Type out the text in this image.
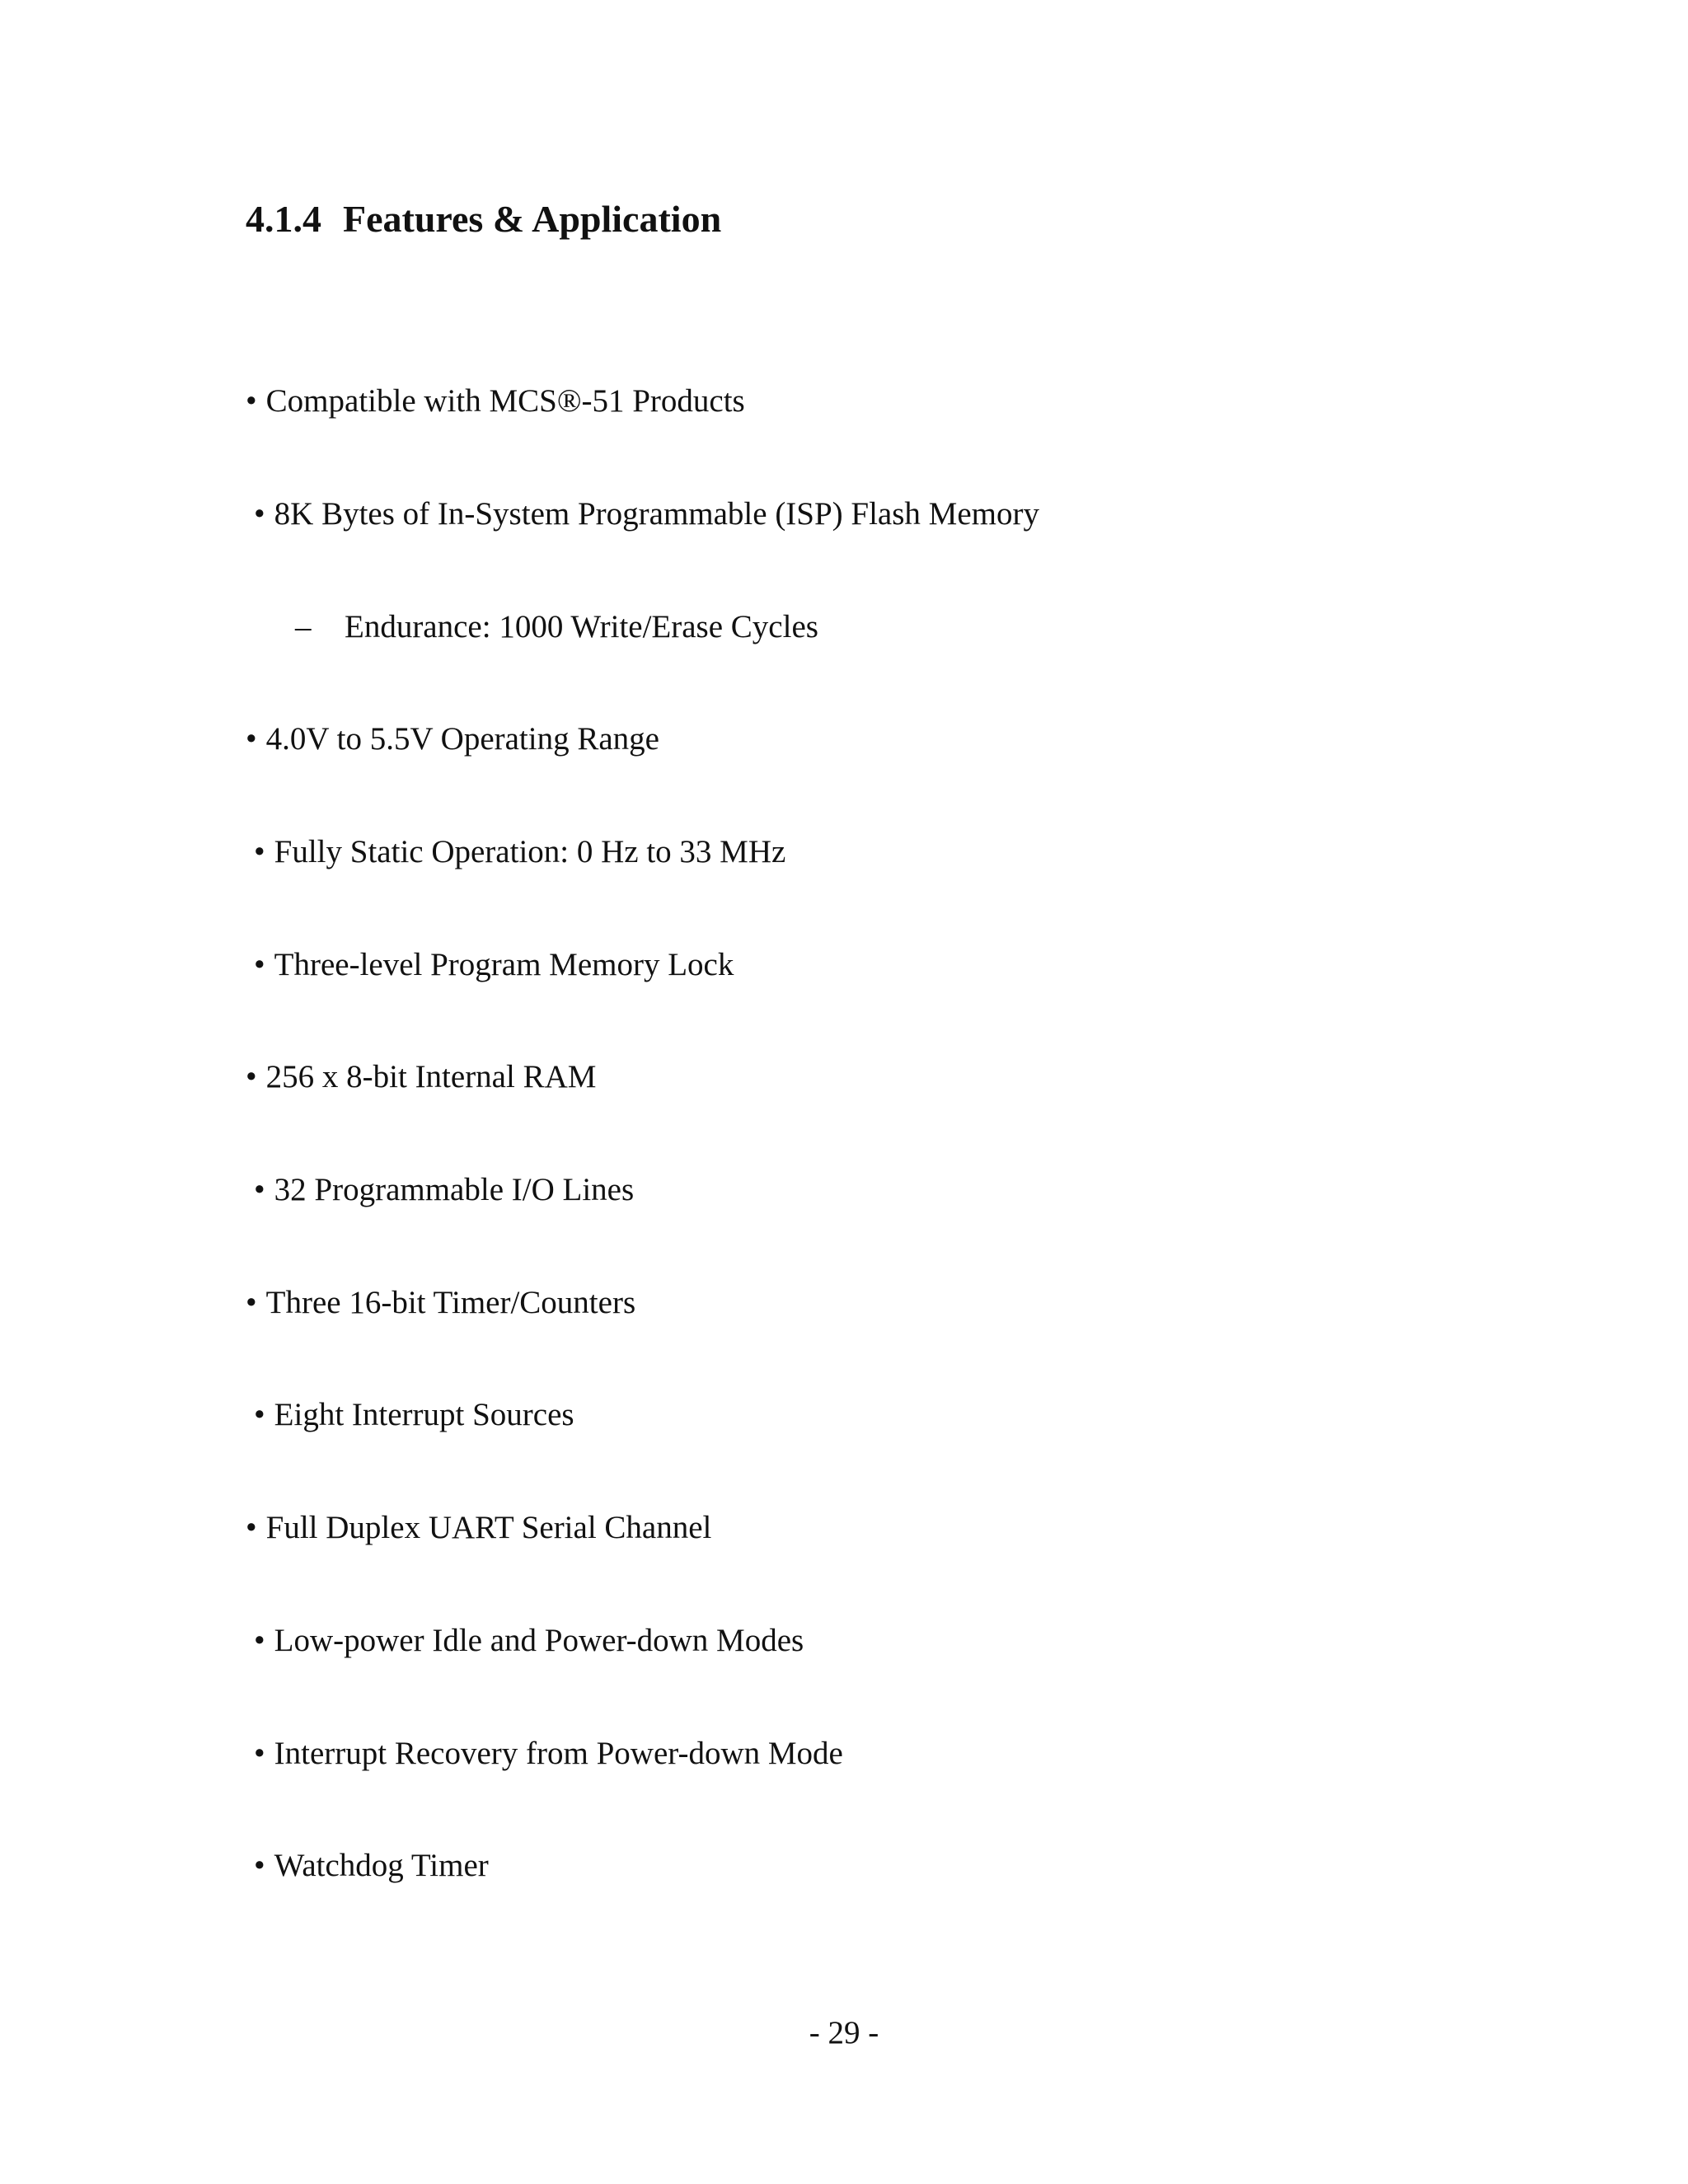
4.1.4 Features & Application
• Compatible with MCS®-51 Products
• 8K Bytes of In-System Programmable (ISP) Flash Memory
– Endurance: 1000 Write/Erase Cycles
• 4.0V to 5.5V Operating Range
• Fully Static Operation: 0 Hz to 33 MHz
• Three-level Program Memory Lock
• 256 x 8-bit Internal RAM
• 32 Programmable I/O Lines
• Three 16-bit Timer/Counters
• Eight Interrupt Sources
• Full Duplex UART Serial Channel
• Low-power Idle and Power-down Modes
• Interrupt Recovery from Power-down Mode
• Watchdog Timer
- 29 -
